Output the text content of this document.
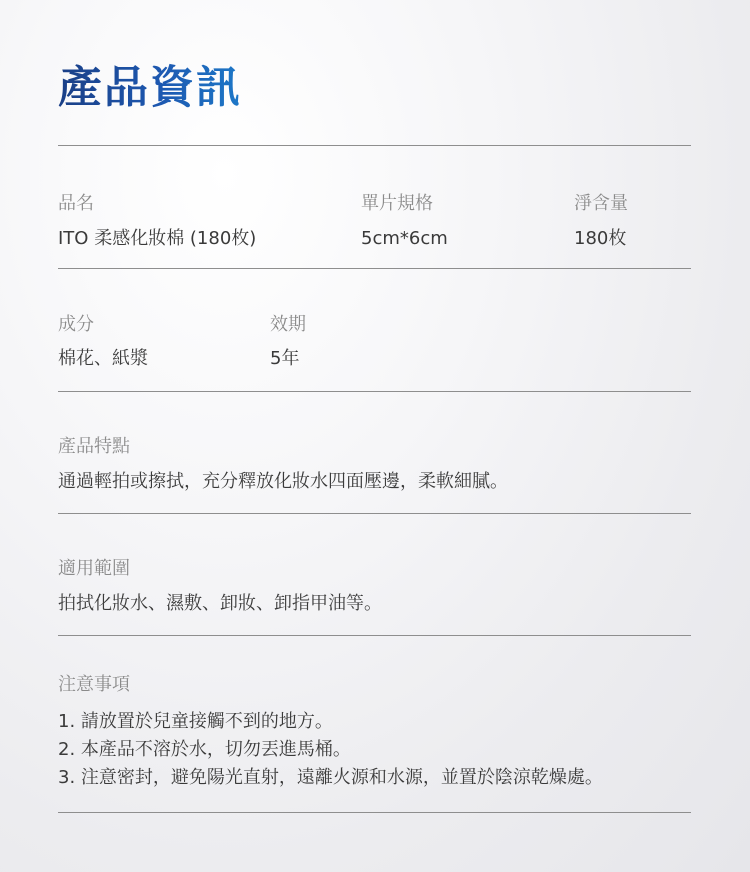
產品資訊
品名
ITO 柔感化妝棉 (180枚)
單片規格
5cm*6cm
淨含量
180枚
成分
棉花、紙漿
效期
5年
產品特點
通過輕拍或擦拭，充分釋放化妝水四面壓邊，柔軟細膩。
適用範圍
拍拭化妝水、濕敷、卸妝、卸指甲油等。
注意事項
1. 請放置於兒童接觸不到的地方。
2. 本產品不溶於水，切勿丟進馬桶。
3. 注意密封，避免陽光直射，遠離火源和水源，並置於陰涼乾燥處。
